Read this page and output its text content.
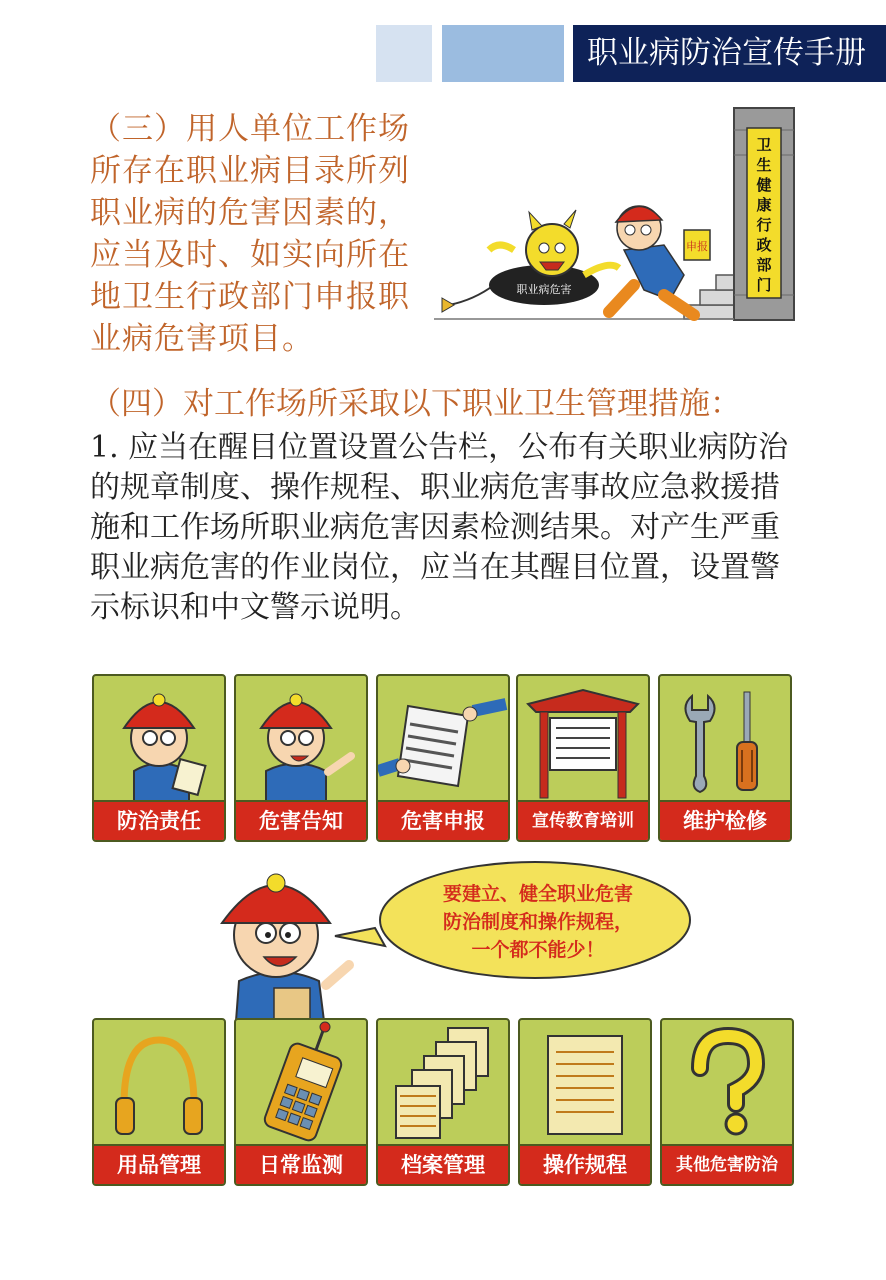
职业病防治宣传手册
（三）用人单位工作场
所存在职业病目录所列
职业病的危害因素的，
应当及时、如实向所在
地卫生行政部门申报职
业病危害项目。
卫
生
健
康
行
政
部
门
职业病危害
申报
（四）对工作场所采取以下职业卫生管理措施：
1. 应当在醒目位置设置公告栏，公布有关职业病防治
的规章制度、操作规程、职业病危害事故应急救援措
施和工作场所职业病危害因素检测结果。对产生严重
职业病危害的作业岗位，应当在其醒目位置，设置警
示标识和中文警示说明。
防治责任	危害告知	危害申报	宣传教育培训	维护检修
要建立、健全职业危害
防治制度和操作规程，
一个都不能少！
用品管理	日常监测	档案管理	操作规程	其他危害防治
